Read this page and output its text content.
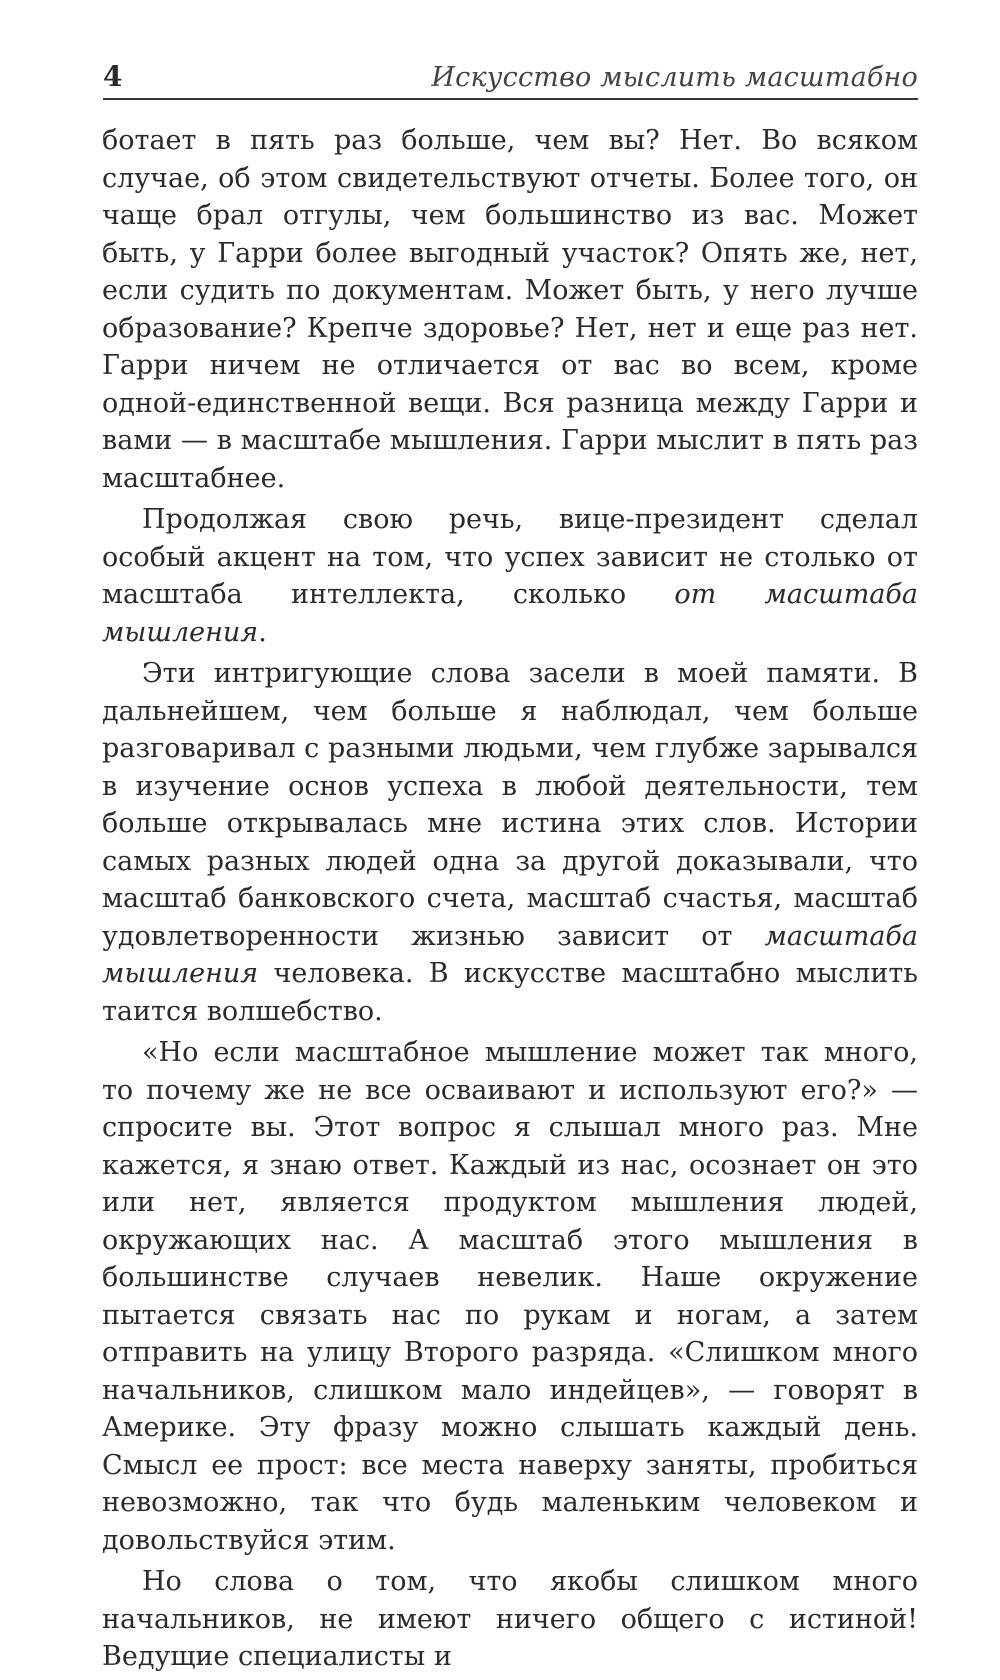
4	Искусство мыслить масштабно

ботает в пять раз больше, чем вы? Нет. Во всяком случае, об этом свидетельствуют отчеты. Более того, он чаще брал отгулы, чем большинство из вас. Может быть, у Гарри более выгодный участок? Опять же, нет, если судить по документам. Может быть, у него лучше образование? Крепче здоровье? Нет, нет и еще раз нет. Гарри ничем не отличается от вас во всем, кроме одной-единственной вещи. Вся разница между Гарри и вами — в масштабе мышления. Гарри мыслит в пять раз масштабнее.

Продолжая свою речь, вице-президент сделал особый акцент на том, что успех зависит не столько от масштаба интеллекта, сколько от масштаба мышления.

Эти интригующие слова засели в моей памяти. В дальнейшем, чем больше я наблюдал, чем больше разговаривал с разными людьми, чем глубже зарывался в изучение основ успеха в любой деятельности, тем больше открывалась мне истина этих слов. Истории самых разных людей одна за другой доказывали, что масштаб банковского счета, масштаб счастья, масштаб удовлетворенности жизнью зависит от масштаба мышления человека. В искусстве масштабно мыслить таится волшебство.

«Но если масштабное мышление может так много, то почему же не все осваивают и используют его?» — спросите вы. Этот вопрос я слышал много раз. Мне кажется, я знаю ответ. Каждый из нас, осознает он это или нет, является продуктом мышления людей, окружающих нас. А масштаб этого мышления в большинстве случаев невелик. Наше окружение пытается связать нас по рукам и ногам, а затем отправить на улицу Второго разряда. «Слишком много начальников, слишком мало индейцев», — говорят в Америке. Эту фразу можно слышать каждый день. Смысл ее прост: все места наверху заняты, пробиться невозможно, так что будь маленьким человеком и довольствуйся этим.

Но слова о том, что якобы слишком много начальников, не имеют ничего общего с истиной! Ведущие специалисты и
